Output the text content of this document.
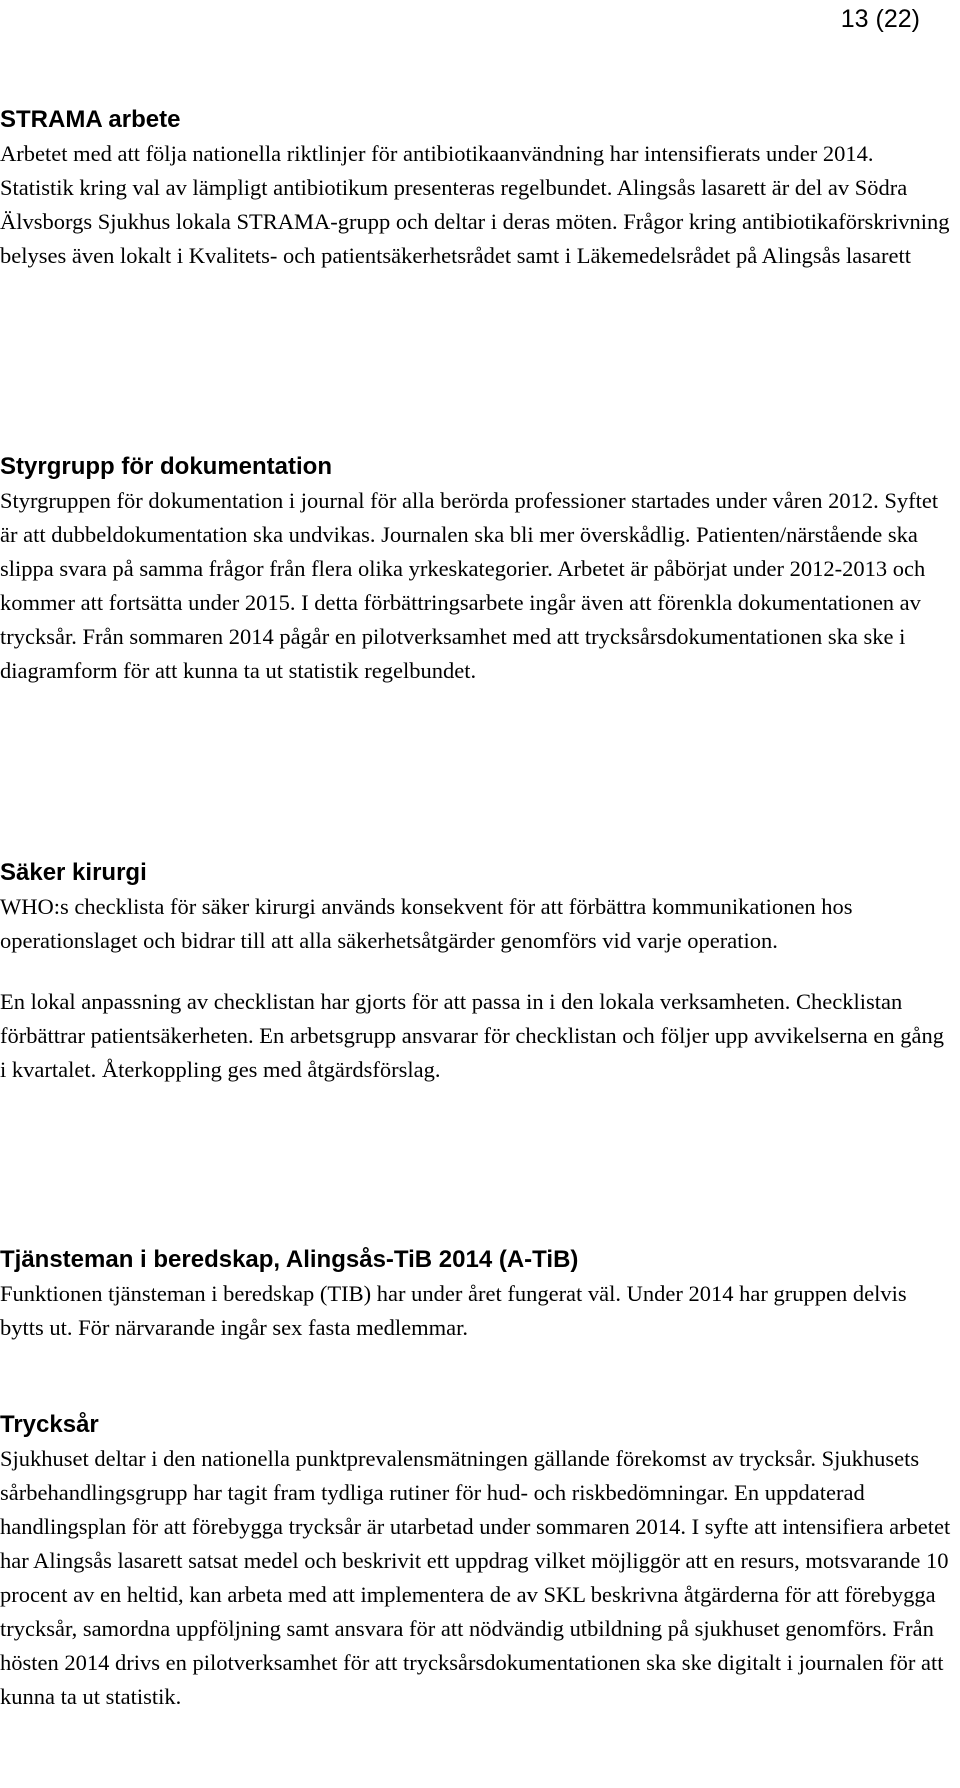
13 (22)
STRAMA arbete

Arbetet med att följa nationella riktlinjer för antibiotikaanvändning har intensifierats under 2014. Statistik kring val av lämpligt antibiotikum presenteras regelbundet. Alingsås lasarett är del av Södra Älvsborgs Sjukhus lokala STRAMA-grupp och deltar i deras möten. Frågor kring antibiotikaförskrivning belyses även lokalt i Kvalitets- och patientsäkerhetsrådet samt i Läkemedelsrådet på Alingsås lasarett

Styrgrupp för dokumentation

Styrgruppen för dokumentation i journal för alla berörda professioner startades under våren 2012. Syftet är att dubbeldokumentation ska undvikas. Journalen ska bli mer överskådlig. Patienten/närstående ska slippa svara på samma frågor från flera olika yrkeskategorier. Arbetet är påbörjat under 2012-2013 och kommer att fortsätta under 2015. I detta förbättringsarbete ingår även att förenkla dokumentationen av trycksår. Från sommaren 2014 pågår en pilotverksamhet med att trycksårsdokumentationen ska ske i diagramform för att kunna ta ut statistik regelbundet.

Säker kirurgi

WHO:s checklista för säker kirurgi används konsekvent för att förbättra kommunikationen hos operationslaget och bidrar till att alla säkerhetsåtgärder genomförs vid varje operation.

En lokal anpassning av checklistan har gjorts för att passa in i den lokala verksamheten. Checklistan förbättrar patientsäkerheten. En arbetsgrupp ansvarar för checklistan och följer upp avvikelserna en gång i kvartalet. Återkoppling ges med åtgärdsförslag.

Tjänsteman i beredskap, Alingsås-TiB 2014 (A-TiB)

Funktionen tjänsteman i beredskap (TIB) har under året fungerat väl. Under 2014 har gruppen delvis bytts ut. För närvarande ingår sex fasta medlemmar.

Trycksår

Sjukhuset deltar i den nationella punktprevalensmätningen gällande förekomst av trycksår. Sjukhusets sårbehandlingsgrupp har tagit fram tydliga rutiner för hud- och riskbedömningar. En uppdaterad handlingsplan för att förebygga trycksår är utarbetad under sommaren 2014. I syfte att intensifiera arbetet har Alingsås lasarett satsat medel och beskrivit ett uppdrag vilket möjliggör att en resurs, motsvarande 10 procent av en heltid, kan arbeta med att implementera de av SKL beskrivna åtgärderna för att förebygga trycksår, samordna uppföljning samt ansvara för att nödvändig utbildning på sjukhuset genomförs. Från hösten 2014 drivs en pilotverksamhet för att trycksårsdokumentationen ska ske digitalt i journalen för att kunna ta ut statistik.
